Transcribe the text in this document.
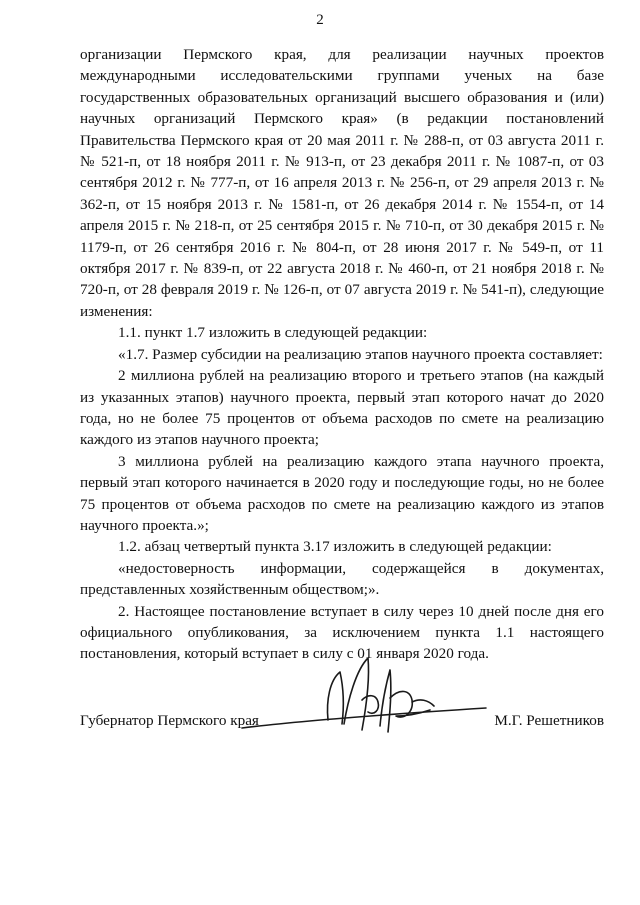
2

организации Пермского края, для реализации научных проектов международными исследовательскими группами ученых на базе государственных образовательных организаций высшего образования и (или) научных организаций Пермского края» (в редакции постановлений Правительства Пермского края от 20 мая 2011 г. № 288-п, от 03 августа 2011 г. № 521-п, от 18 ноября 2011 г. № 913-п, от 23 декабря 2011 г. № 1087-п, от 03 сентября 2012 г. № 777-п, от 16 апреля 2013 г. № 256-п, от 29 апреля 2013 г. № 362-п, от 15 ноября 2013 г. № 1581-п, от 26 декабря 2014 г. № 1554-п, от 14 апреля 2015 г. № 218-п, от 25 сентября 2015 г. № 710-п, от 30 декабря 2015 г. № 1179-п, от 26 сентября 2016 г. № 804-п, от 28 июня 2017 г. № 549-п, от 11 октября 2017 г. № 839-п, от 22 августа 2018 г. № 460-п, от 21 ноября 2018 г. № 720-п, от 28 февраля 2019 г. № 126-п, от 07 августа 2019 г. № 541-п), следующие изменения:

1.1. пункт 1.7 изложить в следующей редакции:

«1.7. Размер субсидии на реализацию этапов научного проекта составляет:

2 миллиона рублей на реализацию второго и третьего этапов (на каждый из указанных этапов) научного проекта, первый этап которого начат до 2020 года, но не более 75 процентов от объема расходов по смете на реализацию каждого из этапов научного проекта;

3 миллиона рублей на реализацию каждого этапа научного проекта, первый этап которого начинается в 2020 году и последующие годы, но не более 75 процентов от объема расходов по смете на реализацию каждого из этапов научного проекта.»;

1.2. абзац четвертый пункта 3.17 изложить в следующей редакции:

«недостоверность информации, содержащейся в документах, представленных хозяйственным обществом;».

2. Настоящее постановление вступает в силу через 10 дней после дня его официального опубликования, за исключением пункта 1.1 настоящего постановления, который вступает в силу с 01 января 2020 года.

Губернатор Пермского края	М.Г. Решетников
